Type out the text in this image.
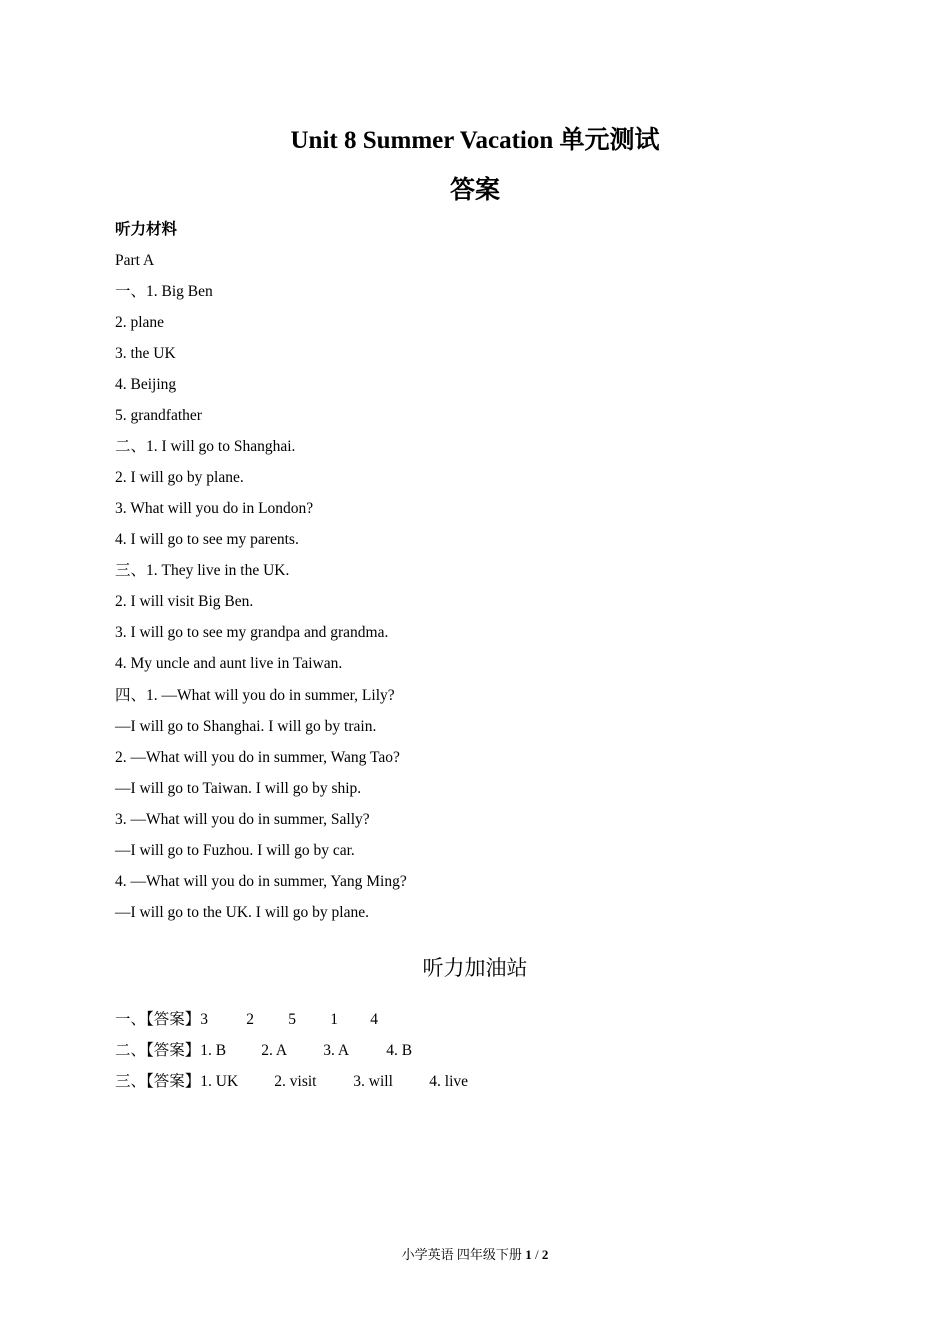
Unit 8 Summer Vacation 单元测试
答案

听力材料

Part A

一、1. Big Ben

2. plane

3. the UK

4. Beijing

5. grandfather

二、1. I will go to Shanghai.

2. I will go by plane.

3. What will you do in London?

4. I will go to see my parents.

三、1. They live in the UK.

2. I will visit Big Ben.

3. I will go to see my grandpa and grandma.

4. My uncle and aunt live in Taiwan.

四、1. —What will you do in summer, Lily?

—I will go to Shanghai. I will go by train.

2. —What will you do in summer, Wang Tao?

—I will go to Taiwan. I will go by ship.

3. —What will you do in summer, Sally?

—I will go to Fuzhou. I will go by car.

4. —What will you do in summer, Yang Ming?

—I will go to the UK. I will go by plane.

听力加油站

一、【答案】3 2 5 1 4

二、【答案】1. B 2. A 3. A 4. B

三、【答案】1. UK 2. visit 3. will 4. live

小学英语 四年级下册 1 / 2
